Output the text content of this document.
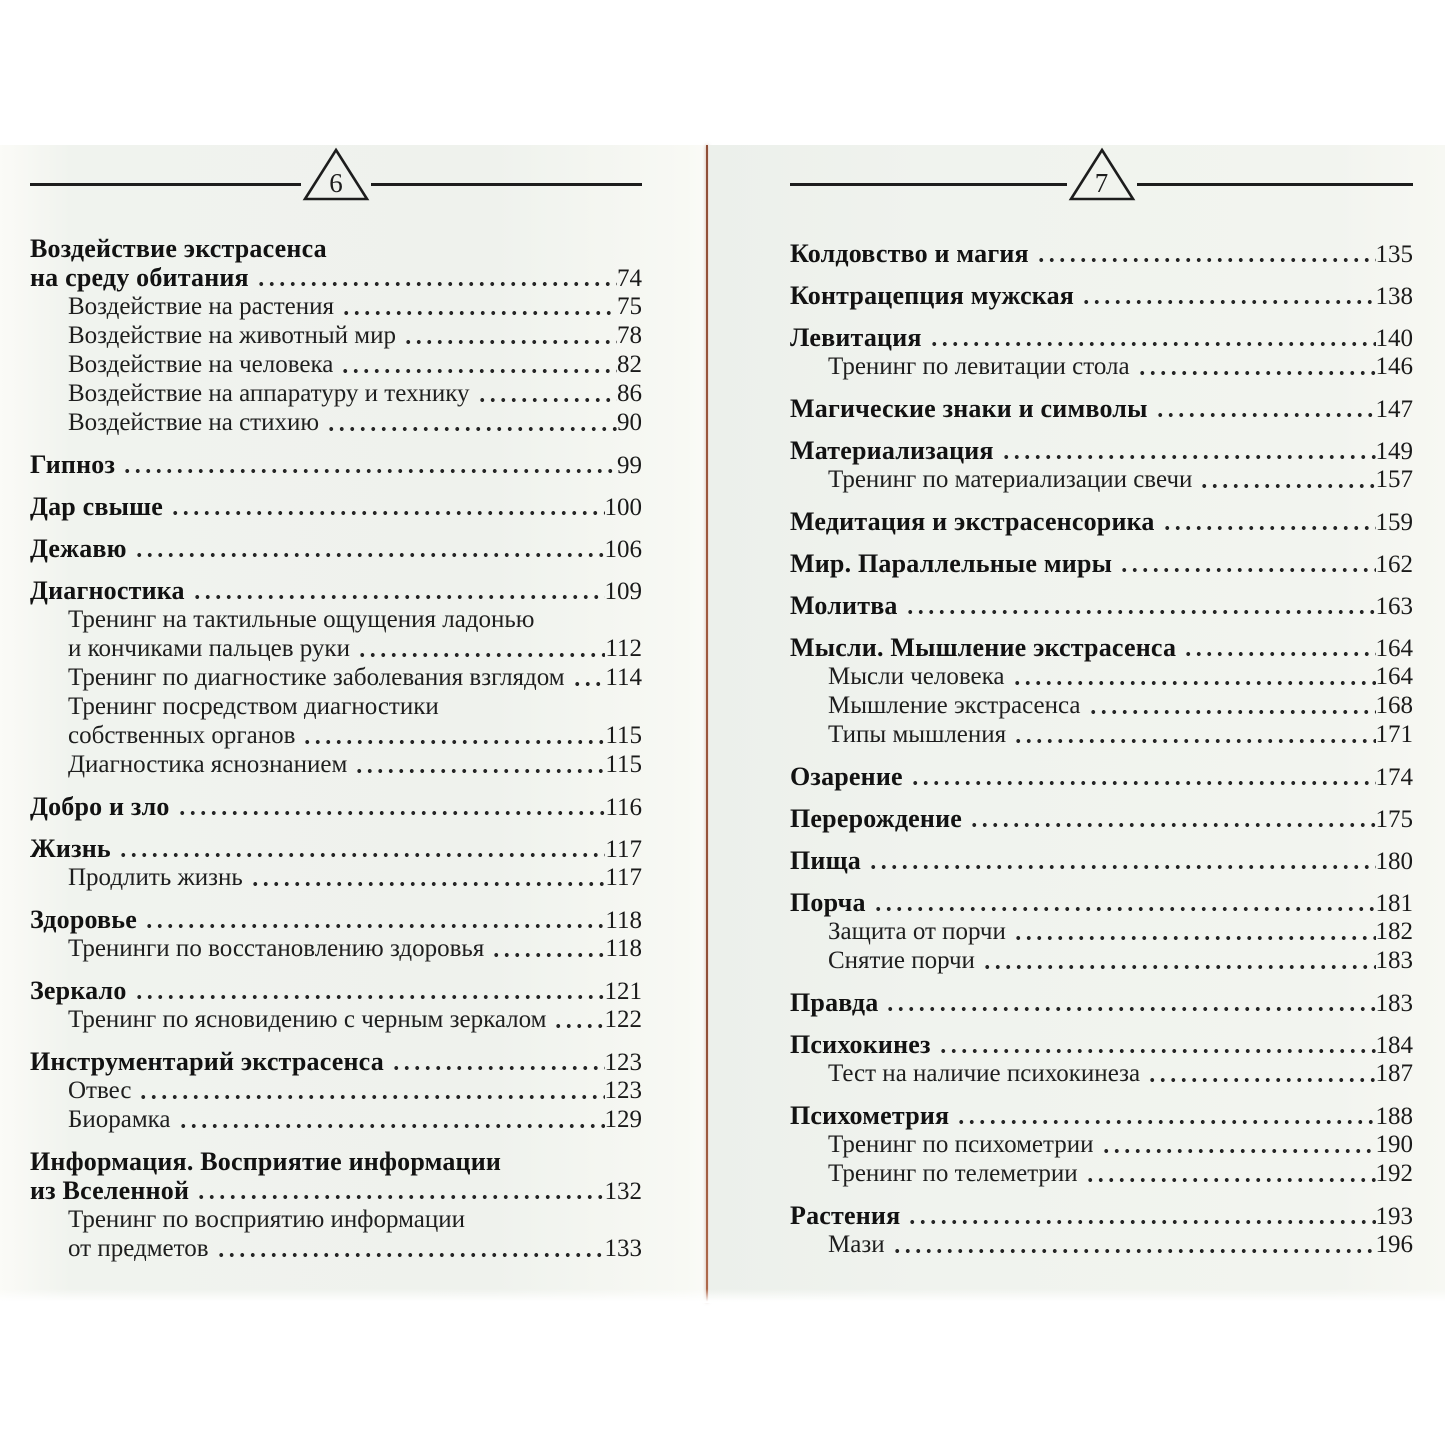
6
Воздействие экстрасенса
на среду обитания	74
Воздействие на растения	75
Воздействие на животный мир	78
Воздействие на человека	82
Воздействие на аппаратуру и технику	86
Воздействие на стихию	90
Гипноз	99
Дар свыше	100
Дежавю	106
Диагностика	109
Тренинг на тактильные ощущения ладонью
и кончиками пальцев руки	112
Тренинг по диагностике заболевания взглядом 114
Тренинг посредством диагностики
собственных органов	115
Диагностика яснознанием	115
Добро и зло	116
Жизнь	117
Продлить жизнь	117
Здоровье	118
Тренинги по восстановлению здоровья	118
Зеркало	121
Тренинг по ясновидению с черным зеркалом 122
Инструментарий экстрасенса	123
Отвес	123
Биорамка	129
Информация. Восприятие информации
из Вселенной	132
Тренинг по восприятию информации
от предметов	133
7
Колдовство и магия	135
Контрацепция мужская	138
Левитация	140
Тренинг по левитации стола	146
Магические знаки и символы	147
Материализация	149
Тренинг по материализации свечи	157
Медитация и экстрасенсорика	159
Мир. Параллельные миры	162
Молитва	163
Мысли. Мышление экстрасенса	164
Мысли человека	164
Мышление экстрасенса	168
Типы мышления	171
Озарение	174
Перерождение	175
Пища	180
Порча	181
Защита от порчи	182
Снятие порчи	183
Правда	183
Психокинез	184
Тест на наличие психокинеза	187
Психометрия	188
Тренинг по психометрии	190
Тренинг по телеметрии	192
Растения	193
Мази	196
